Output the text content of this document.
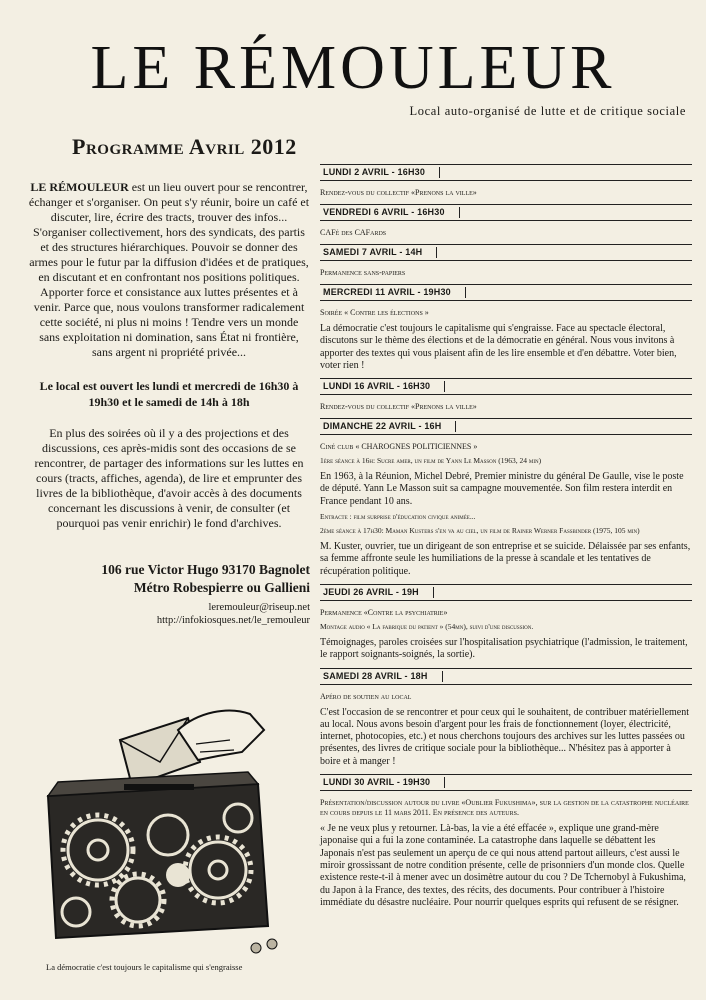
LE RÉMOULEUR
Local auto-organisé de lutte et de critique sociale
Programme Avril 2012

LE RÉMOULEUR est un lieu ouvert pour se rencontrer, échanger et s'organiser. On peut s'y réunir, boire un café et discuter, lire, écrire des tracts, trouver des infos... S'organiser collectivement, hors des syndicats, des partis et des structures hiérarchiques. Pouvoir se donner des armes pour le futur par la diffusion d'idées et de pratiques, en discutant et en confrontant nos positions politiques. Apporter force et consistance aux luttes présentes et à venir. Parce que, nous voulons transformer radicalement cette société, ni plus ni moins ! Tendre vers un monde sans exploitation ni domination, sans État ni frontière, sans argent ni propriété privée...

Le local est ouvert les lundi et mercredi de 16h30 à 19h30 et le samedi de 14h à 18h

En plus des soirées où il y a des projections et des discussions, ces après-midis sont des occasions de se rencontrer, de partager des informations sur les luttes en cours (tracts, affiches, agenda), de lire et emprunter des livres de la bibliothèque, d'avoir accès à des documents concernant les discussions à venir, de consulter (et pourquoi pas venir enrichir) le fond d'archives.

106 rue Victor Hugo 93170 Bagnolet
Métro Robespierre ou Gallieni
leremouleur@riseup.net
http://infokiosques.net/le_remouleur
La démocratie c'est toujours le capitalisme qui s'engraisse
LUNDI 2 AVRIL - 16H30
Rendez-vous du collectif «Prenons la ville»
VENDREDI 6 AVRIL - 16H30
CAFé des CAFards
SAMEDI 7 AVRIL - 14H
Permanence sans-papiers
MERCREDI 11 AVRIL - 19H30
Soirée « Contre les élections »
La démocratie c'est toujours le capitalisme qui s'engraisse. Face au spectacle électoral, discutons sur le thème des élections et de la démocratie en général. Nous vous invitons à apporter des textes qui vous plaisent afin de les lire ensemble et d'en débattre. Voter bien, voter rien !
LUNDI 16 AVRIL - 16H30
Rendez-vous du collectif «Prenons la ville»
DIMANCHE 22 AVRIL - 16H
Ciné club « CHAROGNES POLITICIENNES »
1ère séance à 16h: Sucre amer, un film de Yann Le Masson (1963, 24 min)
En 1963, à la Réunion, Michel Debré, Premier ministre du général De Gaulle, vise le poste de député. Yann Le Masson suit sa campagne mouvementée. Son film restera interdit en France pendant 10 ans.
Entracte : film surprise d'éducation civique animée...
2ème séance à 17h30: Maman Kusters s'en va au ciel, un film de Rainer Werner Fassbinder (1975, 105 min)
M. Kuster, ouvrier, tue un dirigeant de son entreprise et se suicide. Délaissée par ses enfants, sa femme affronte seule les humiliations de la presse à scandale et les tentatives de récupération politique.
JEUDI 26 AVRIL - 19H
Permanence «Contre la psychiatrie»
Montage audio « La fabrique du patient » (54mn), suivi d'une discussion.
Témoignages, paroles croisées sur l'hospitalisation psychiatrique (l'admission, le traitement, le rapport soignants-soignés, la sortie).
SAMEDI 28 AVRIL - 18H
Apéro de soutien au local
C'est l'occasion de se rencontrer et pour ceux qui le souhaitent, de contribuer matériellement au local. Nous avons besoin d'argent pour les frais de fonctionnement (loyer, électricité, internet, photocopies, etc.) et nous cherchons toujours des archives sur les luttes passées ou présentes, des livres de critique sociale pour la bibliothèque... N'hésitez pas à apporter à boire et à manger !
LUNDI 30 AVRIL - 19H30
Présentation/discussion autour du livre «Oublier Fukushima», sur la gestion de la catastrophe nucléaire en cours depuis le 11 mars 2011. En présence des auteurs.
« Je ne veux plus y retourner. Là-bas, la vie a été effacée », explique une grand-mère japonaise qui a fui la zone contaminée. La catastrophe dans laquelle se débattent les Japonais n'est pas seulement un aperçu de ce qui nous attend partout ailleurs, c'est aussi le miroir grossissant de notre condition présente, celle de prisonniers d'un monde clos. Quelle existence reste-t-il à mener avec un dosimètre autour du cou ? De Tchernobyl à Fukushima, du Japon à la France, des textes, des récits, des documents. Pour contribuer à l'histoire immédiate du désastre nucléaire. Pour nourrir quelques esprits qui refusent de se résigner.
